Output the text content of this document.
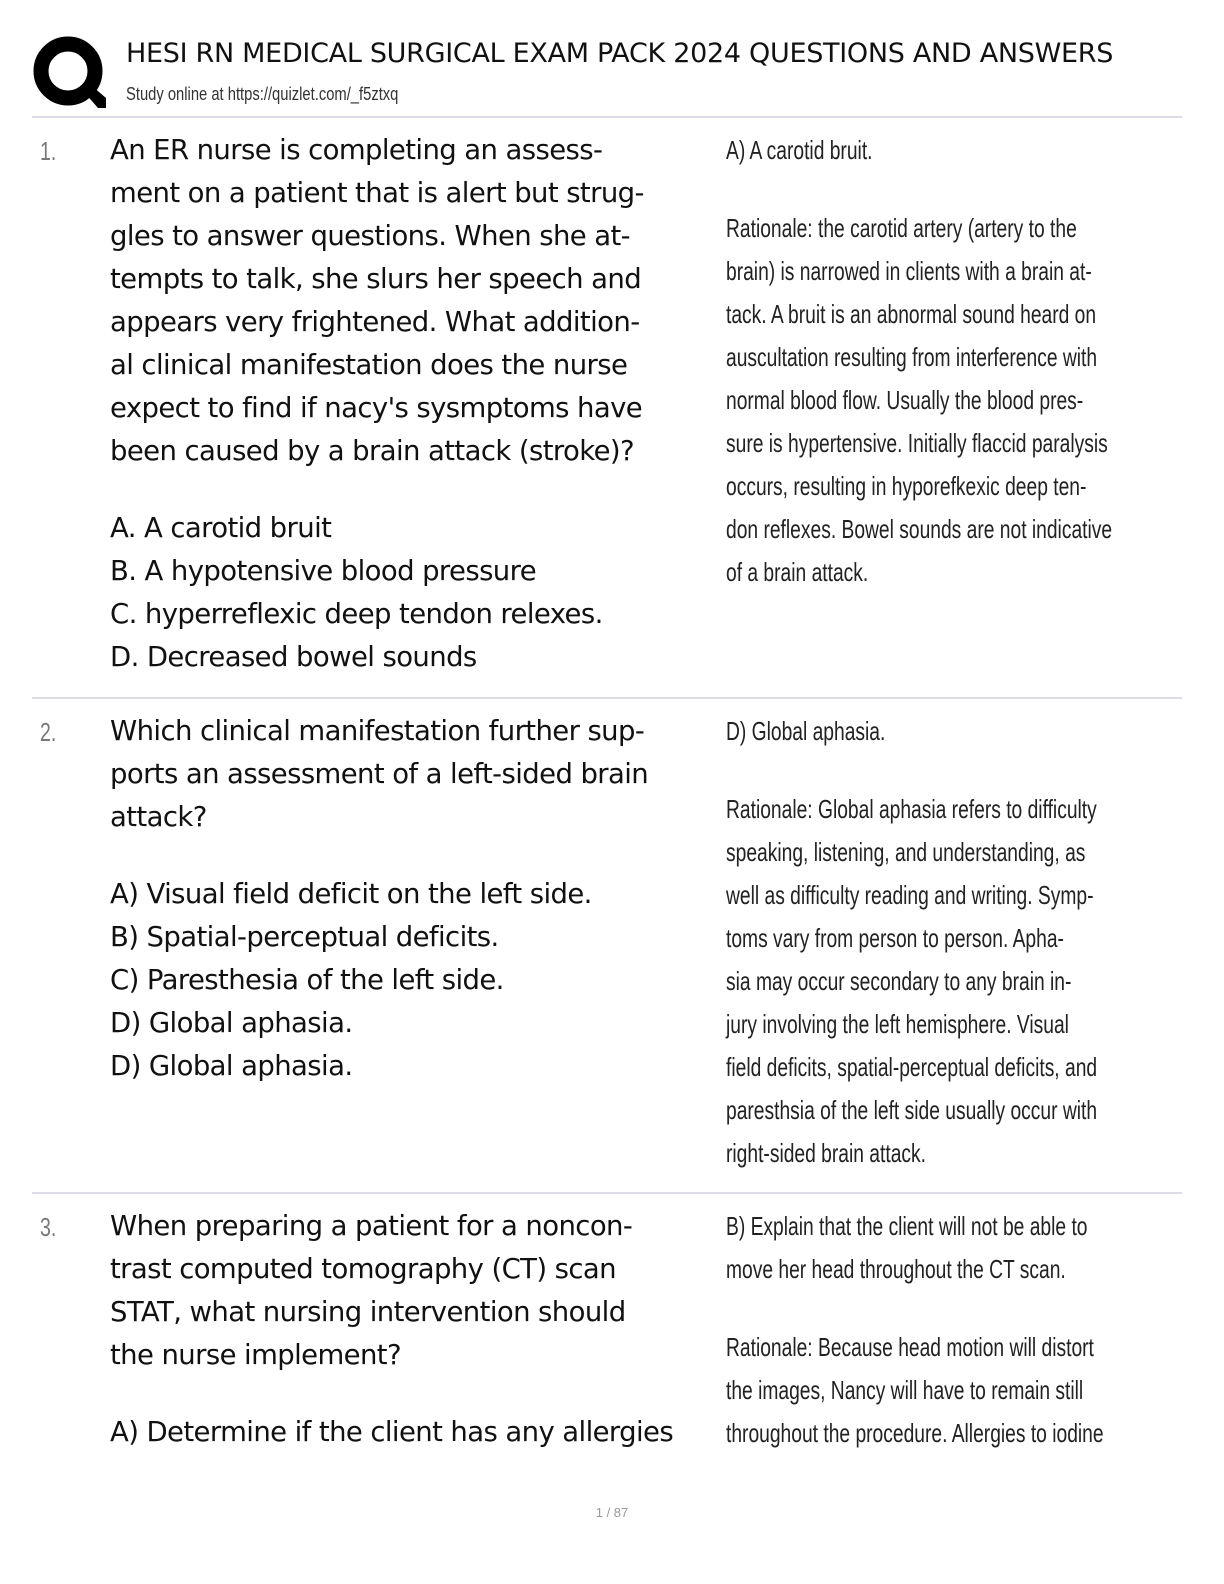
HESI RN MEDICAL SURGICAL EXAM PACK 2024 QUESTIONS AND ANSWERS
Study online at https://quizlet.com/_f5ztxq
1. An ER nurse is completing an assess-

ment on a patient that is alert but strug-

gles to answer questions. When she at-

tempts to talk, she slurs her speech and

appears very frightened. What addition-

al clinical manifestation does the nurse

expect to find if nacy's sysmptoms have

been caused by a brain attack (stroke)?

A. A carotid bruit

B. A hypotensive blood pressure

C. hyperreflexic deep tendon relexes.

D. Decreased bowel sounds

A) A carotid bruit.

Rationale: the carotid artery (artery to the

brain) is narrowed in clients with a brain at-

tack. A bruit is an abnormal sound heard on

auscultation resulting from interference with

normal blood flow. Usually the blood pres-

sure is hypertensive. Initially flaccid paralysis

occurs, resulting in hyporefkexic deep ten-

don reflexes. Bowel sounds are not indicative

of a brain attack.

2. Which clinical manifestation further sup-

ports an assessment of a left-sided brain

attack?

A) Visual field deficit on the left side.

B) Spatial-perceptual deficits.

C) Paresthesia of the left side.

D) Global aphasia.

D) Global aphasia.

D) Global aphasia.

Rationale: Global aphasia refers to difficulty

speaking, listening, and understanding, as

well as difficulty reading and writing. Symp-

toms vary from person to person. Apha-

sia may occur secondary to any brain in-

jury involving the left hemisphere. Visual

field deficits, spatial-perceptual deficits, and

paresthsia of the left side usually occur with

right-sided brain attack.

3. When preparing a patient for a noncon-

trast computed tomography (CT) scan

STAT, what nursing intervention should

the nurse implement?

A) Determine if the client has any allergies

B) Explain that the client will not be able to

move her head throughout the CT scan.

Rationale: Because head motion will distort

the images, Nancy will have to remain still

throughout the procedure. Allergies to iodine

1 / 87
